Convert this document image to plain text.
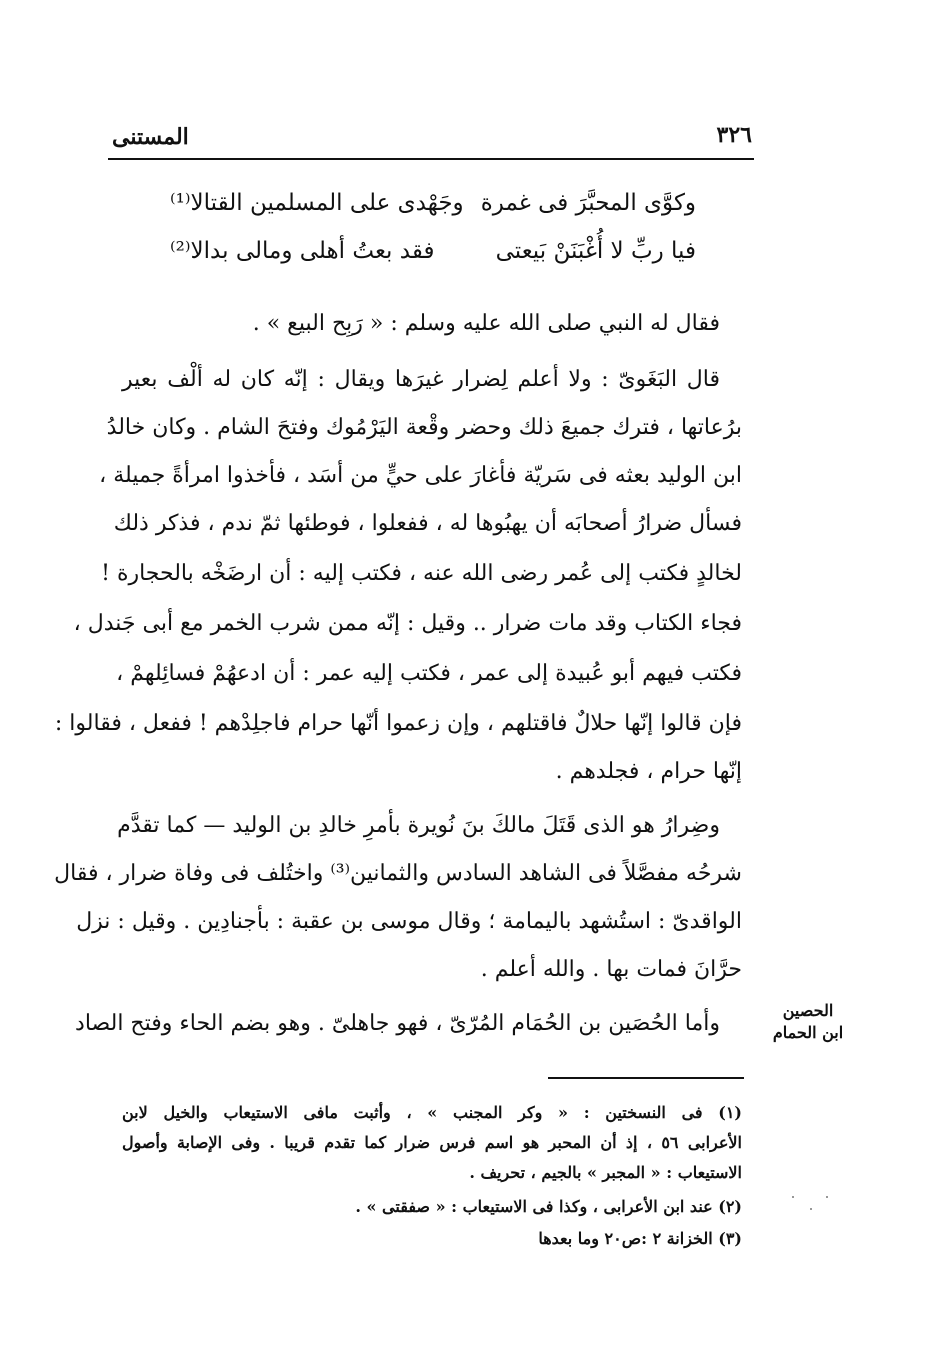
٣٢٦
المستنى
وكوَّى المحبَّرَ فى غمرة
وجَهْدى على المسلمين القتالا⁽¹⁾
فيا ربِّ لا أُغْبَنَنْ بَيعتى
فقد بعتُ أهلى ومالى بدالا⁽²⁾
فقال له النبي صلى الله عليه وسلم : « رَبِح البيع » .
قال البَغَوىّ : ولا أعلم لِضرار غيرَها ويقال : إنّه كان له ألْف بعير
برُعاتها ، فترك جميعَ ذلك وحضر وقْعة اليَرْمُوك وفتحَ الشام . وكان خالدُ
ابن الوليد بعثه فى سَريّة فأغارَ على حيٍّ من أسَد ، فأخذوا امرأةً جميلة ،
فسأل ضرارُ أصحابَه أن يهبُوها له ، ففعلوا ، فوطئها ثمّ ندم ، فذكر ذلك
لخالدٍ فكتب إلى عُمر رضى الله عنه ، فكتب إليه : أن ارضَخْه بالحجارة !
فجاء الكتاب وقد مات ضرار .. وقيل : إنّه ممن شرب الخمر مع أبى جَندل ،
فكتب فيهم أبو عُبيدة إلى عمر ، فكتب إليه عمر : أن ادعهُمْ فسائِلهمْ ،
فإن قالوا إنّها حلالٌ فاقتلهم ، وإن زعموا أنّها حرام فاجلِدْهم ! ففعل ، فقالوا :
إنّها حرام ، فجلدهم .
وضِرارُ هو الذى قَتَلَ مالكَ بنَ نُويرة بأمرِ خالدِ بن الوليد — كما تقدَّم
شرحُه مفصَّلاً فى الشاهد السادس والثمانين⁽³⁾ واختُلف فى وفاة ضرار ، فقال
الواقدىّ : استُشهد باليمامة ؛ وقال موسى بن عقبة : بأجنادِين . وقيل : نزل
حرَّانَ فمات بها . والله أعلم .
وأما الحُصَين بن الحُمَام المُرّىّ ، فهو جاهلىّ . وهو بضم الحاء وفتح الصاد
الحصين
ابن الحمام
(١) فى النسختين : « وكر المجنب » ، وأثبت مافى الاستيعاب والخيل لابن
الأعرابى ٥٦ ، إذ أن المحبر هو اسم فرس ضرار كما تقدم قريبا . وفى الإصابة وأصول
الاستيعاب : « المجبر » بالجيم ، تحريف .
(٢) عند ابن الأعرابى ، وكذا فى الاستيعاب : « صفقتى » .
(٣) الخزانة ٢ :ص٢٠ وما بعدها
